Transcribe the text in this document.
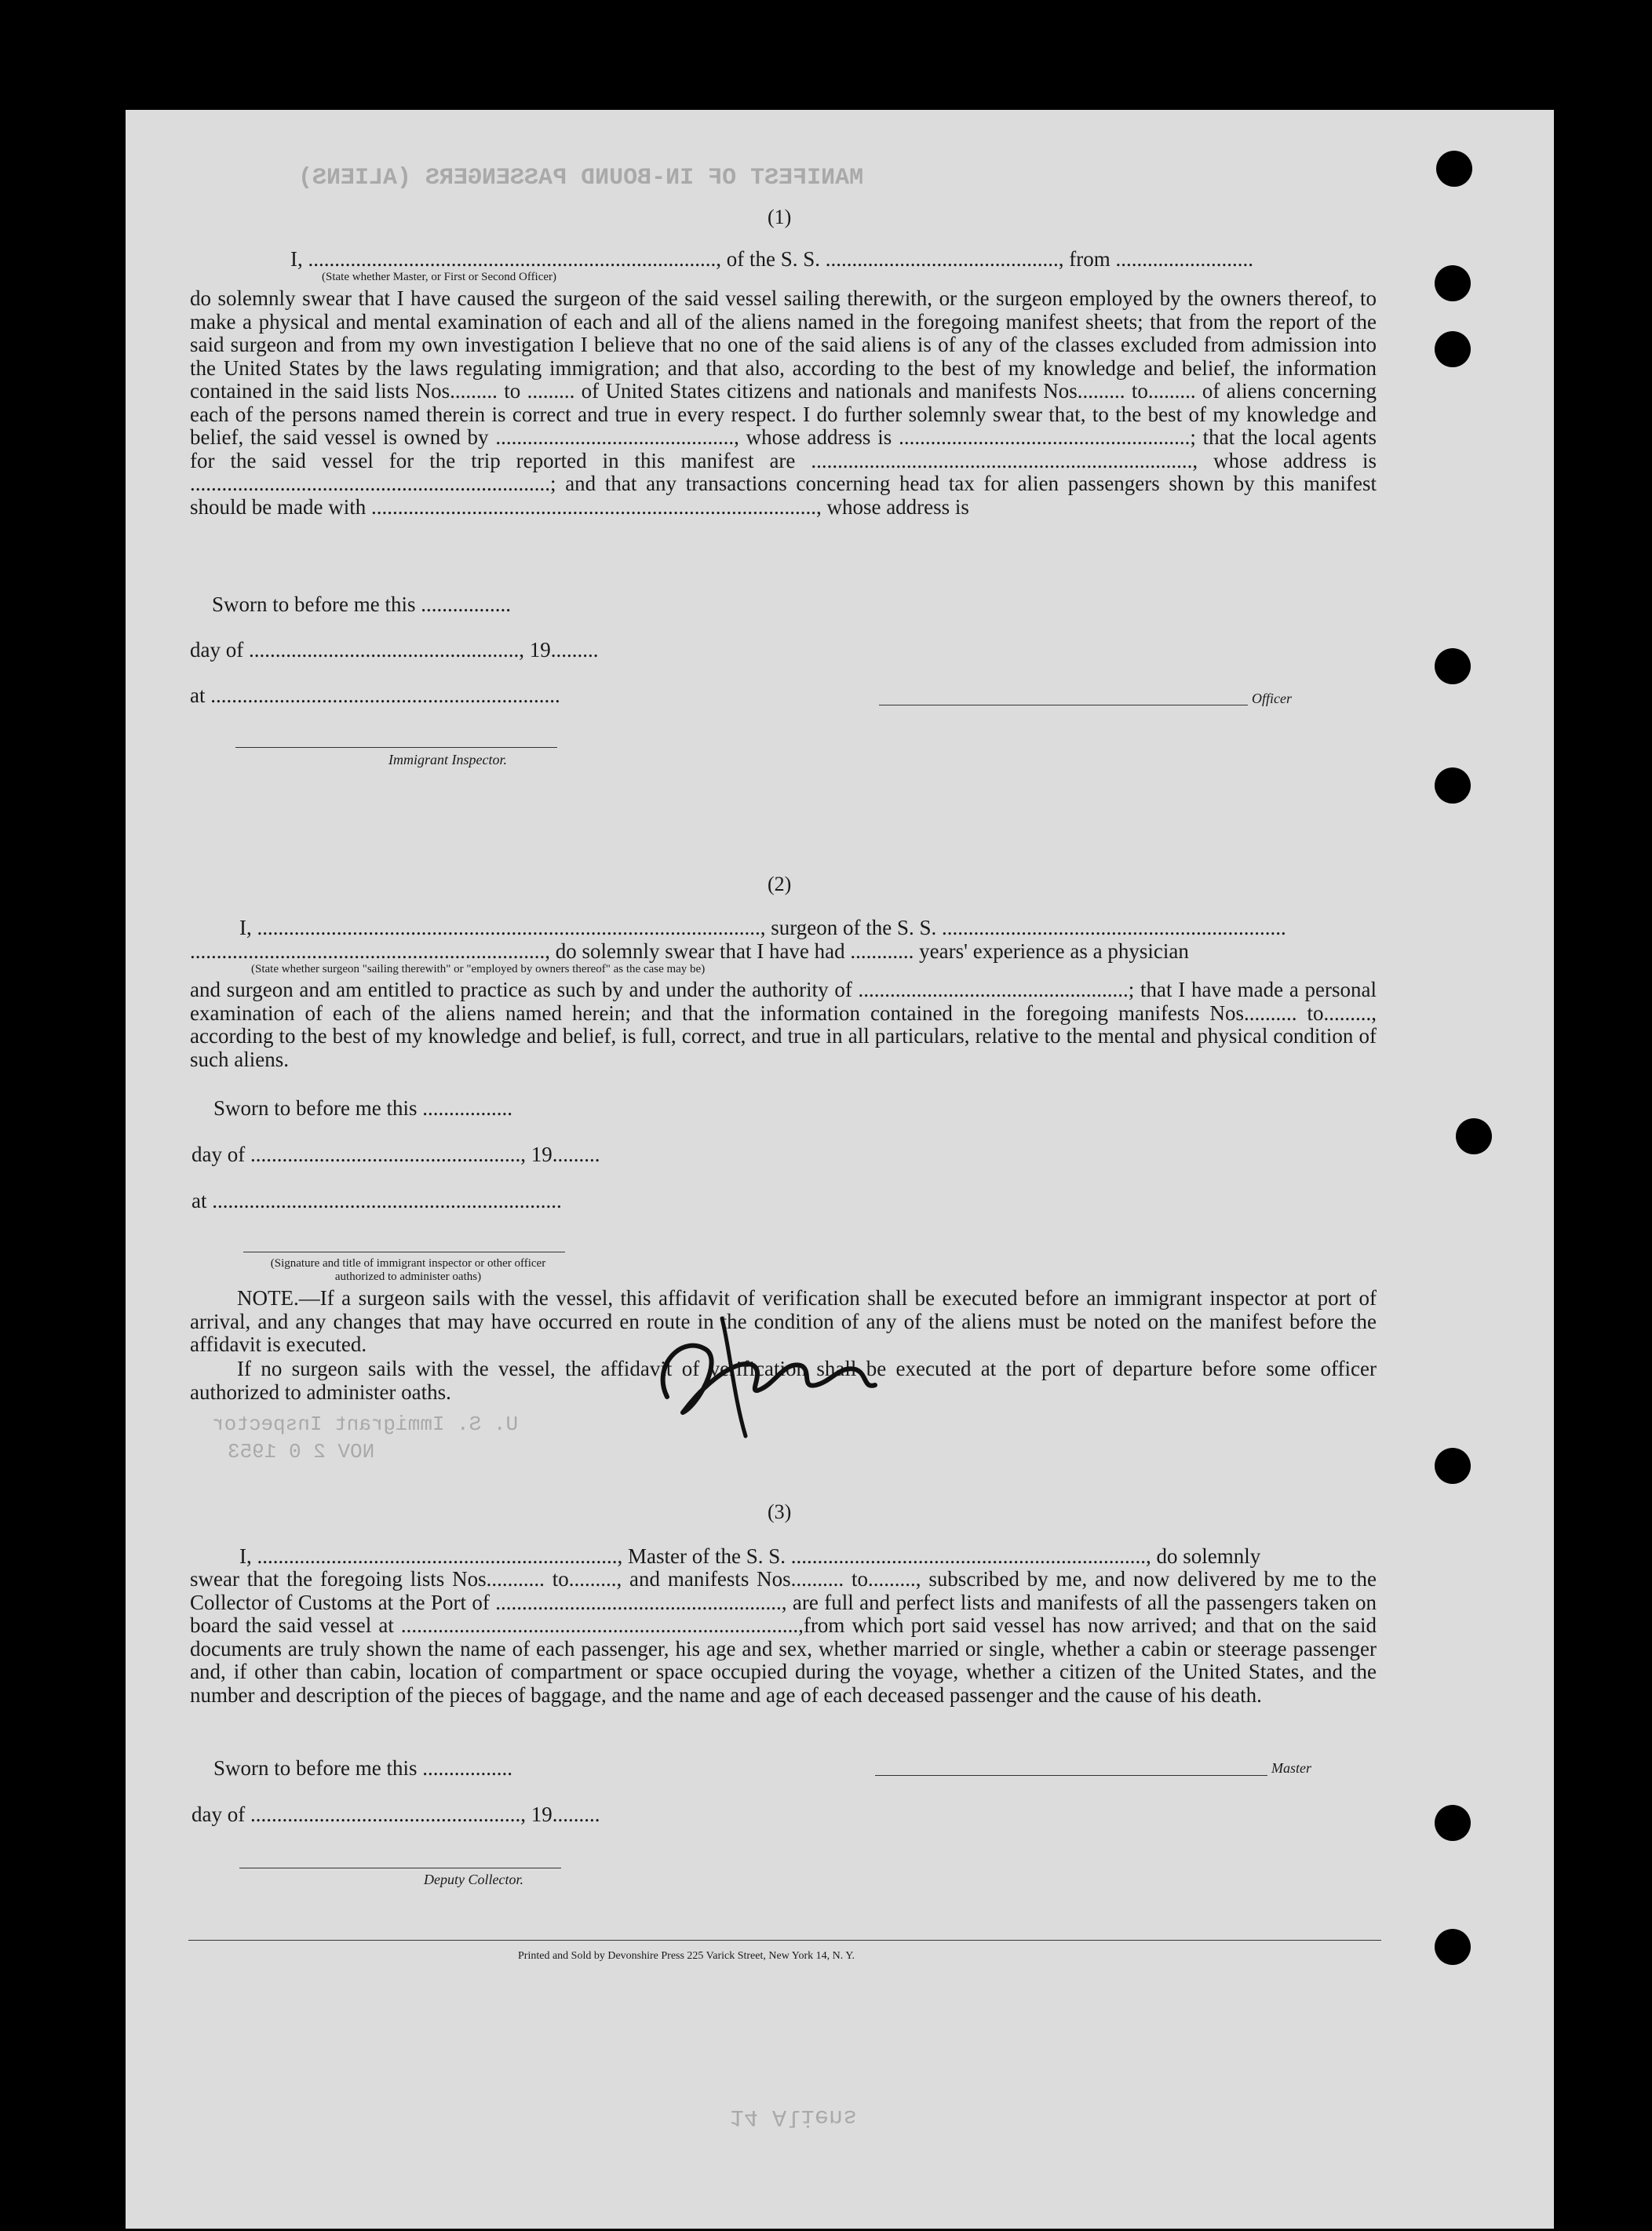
MANIFEST OF IN-BOUND PASSENGERS (ALIENS)
U. S. Immigrant Inspector
NOV 2 0 1953
14 Aliens
(1)
I, ............................................................................., of the S. S. ............................................, from ..........................
(State whether Master, or First or Second Officer)
do solemnly swear that I have caused the surgeon of the said vessel sailing therewith, or the surgeon employed by the owners thereof, to make a physical and mental examination of each and all of the aliens named in the foregoing manifest sheets; that from the report of the said surgeon and from my own investigation I believe that no one of the said aliens is of any of the classes excluded from admission into the United States by the laws regulating immigration; and that also, according to the best of my knowledge and belief, the information contained in the said lists Nos......... to ......... of United States citizens and nationals and manifests Nos......... to......... of aliens concerning each of the persons named therein is correct and true in every respect. I do further solemnly swear that, to the best of my knowledge and belief, the said vessel is owned by ............................................., whose address is .......................................................; that the local agents for the said vessel for the trip reported in this manifest are ........................................................................, whose address is ....................................................................; and that any transactions concerning head tax for alien passengers shown by this manifest should be made with ...................................................................................., whose address is
Sworn to before me this .................
day of ..................................................., 19.........
at ..................................................................	Officer
Immigrant Inspector.
(2)
I, ..............................................................................................., surgeon of the S. S. .................................................................
..................................................................., do solemnly swear that I have had ............ years' experience as a physician
(State whether surgeon "sailing therewith" or "employed by owners thereof" as the case may be)
and surgeon and am entitled to practice as such by and under the authority of ...................................................; that I have made a personal examination of each of the aliens named herein; and that the information contained in the foregoing manifests Nos.......... to........., according to the best of my knowledge and belief, is full, correct, and true in all particulars, relative to the mental and physical condition of such aliens.
Sworn to before me this .................
day of ..................................................., 19.........
at ..................................................................
(Signature and title of immigrant inspector or other officer authorized to administer oaths)
NOTE.—If a surgeon sails with the vessel, this affidavit of verification shall be executed before an immigrant inspector at port of arrival, and any changes that may have occurred en route in the condition of any of the aliens must be noted on the manifest before the affidavit is executed.
If no surgeon sails with the vessel, the affidavit of verification shall be executed at the port of departure before some officer authorized to administer oaths.
(3)
I, ...................................................................., Master of the S. S. ..................................................................., do solemnly
swear that the foregoing lists Nos........... to........., and manifests Nos.......... to........., subscribed by me, and now delivered by me to the Collector of Customs at the Port of ......................................................, are full and perfect lists and manifests of all the passengers taken on board the said vessel at ...........................................................................,from which port said vessel has now arrived; and that on the said documents are truly shown the name of each passenger, his age and sex, whether married or single, whether a cabin or steerage passenger and, if other than cabin, location of compartment or space occupied during the voyage, whether a citizen of the United States, and the number and description of the pieces of baggage, and the name and age of each deceased passenger and the cause of his death.
Sworn to before me this .................	Master
day of ..................................................., 19.........
Deputy Collector.
Printed and Sold by Devonshire Press 225 Varick Street, New York 14, N. Y.
